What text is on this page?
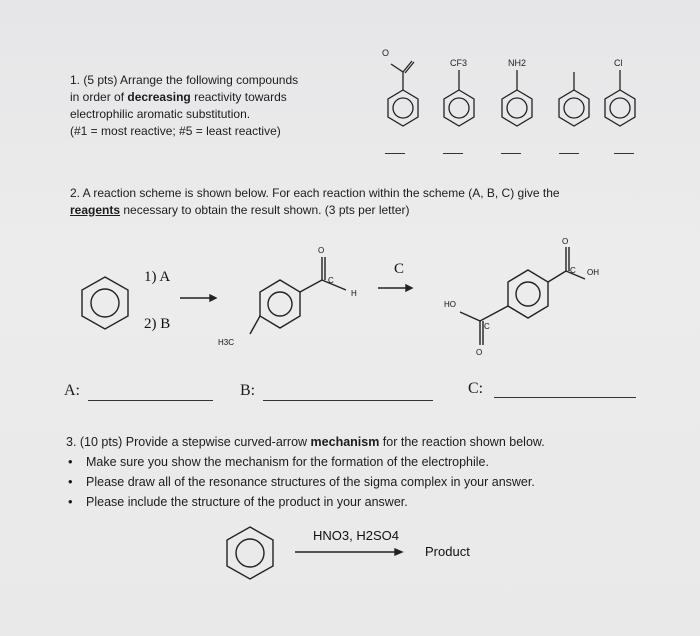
1. (5 pts) Arrange the following compounds
in order of decreasing reactivity towards
electrophilic aromatic substitution.
(#1 = most reactive; #5 = least reactive)
O
CF3	NH2	Cl
2. A reaction scheme is shown below. For each reaction within the scheme (A, B, C) give the
reagents necessary to obtain the result shown. (3 pts per letter)
1) A
2) B
C
H3C
O
C
H
O
C OH
HO
C
O
A:	B:	C:
3. (10 pts) Provide a stepwise curved-arrow mechanism for the reaction shown below.
• Make sure you show the mechanism for the formation of the electrophile.
• Please draw all of the resonance structures of the sigma complex in your answer.
• Please include the structure of the product in your answer.
HNO3, H2SO4
Product
